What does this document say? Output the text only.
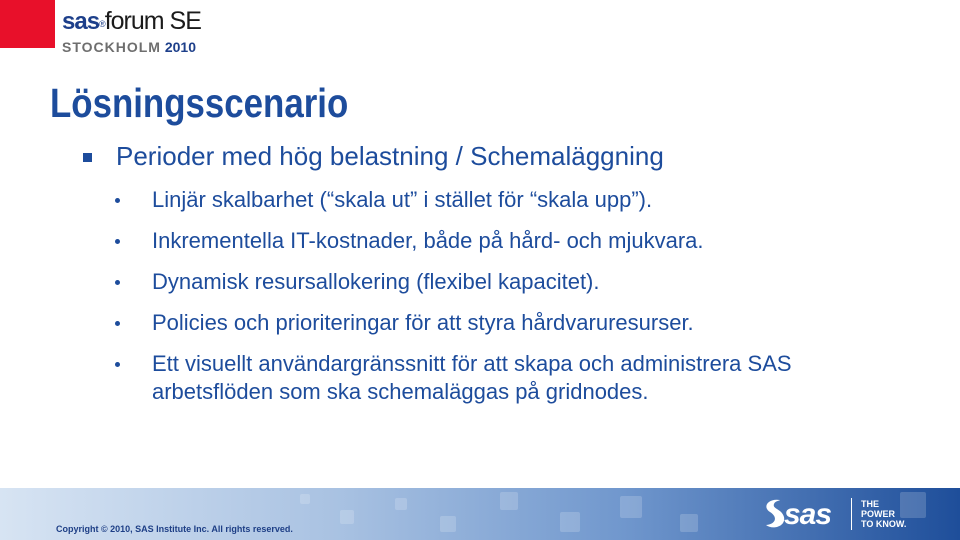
sas®forum SE
STOCKHOLM 2010
Lösningsscenario
Perioder med hög belastning / Schemaläggning
Linjär skalbarhet (“skala ut” i stället för “skala upp”).
Inkrementella IT-kostnader, både på hård- och mjukvara.
Dynamisk resursallokering (flexibel kapacitet).
Policies och prioriteringar för att styra hårdvaruresurser.
Ett visuellt användargränssnitt för att skapa och administrera SAS arbetsflöden som ska schemaläggas på gridnodes.
Copyright © 2010, SAS Institute Inc. All rights reserved.	sas	THE
POWER
TO KNOW.
